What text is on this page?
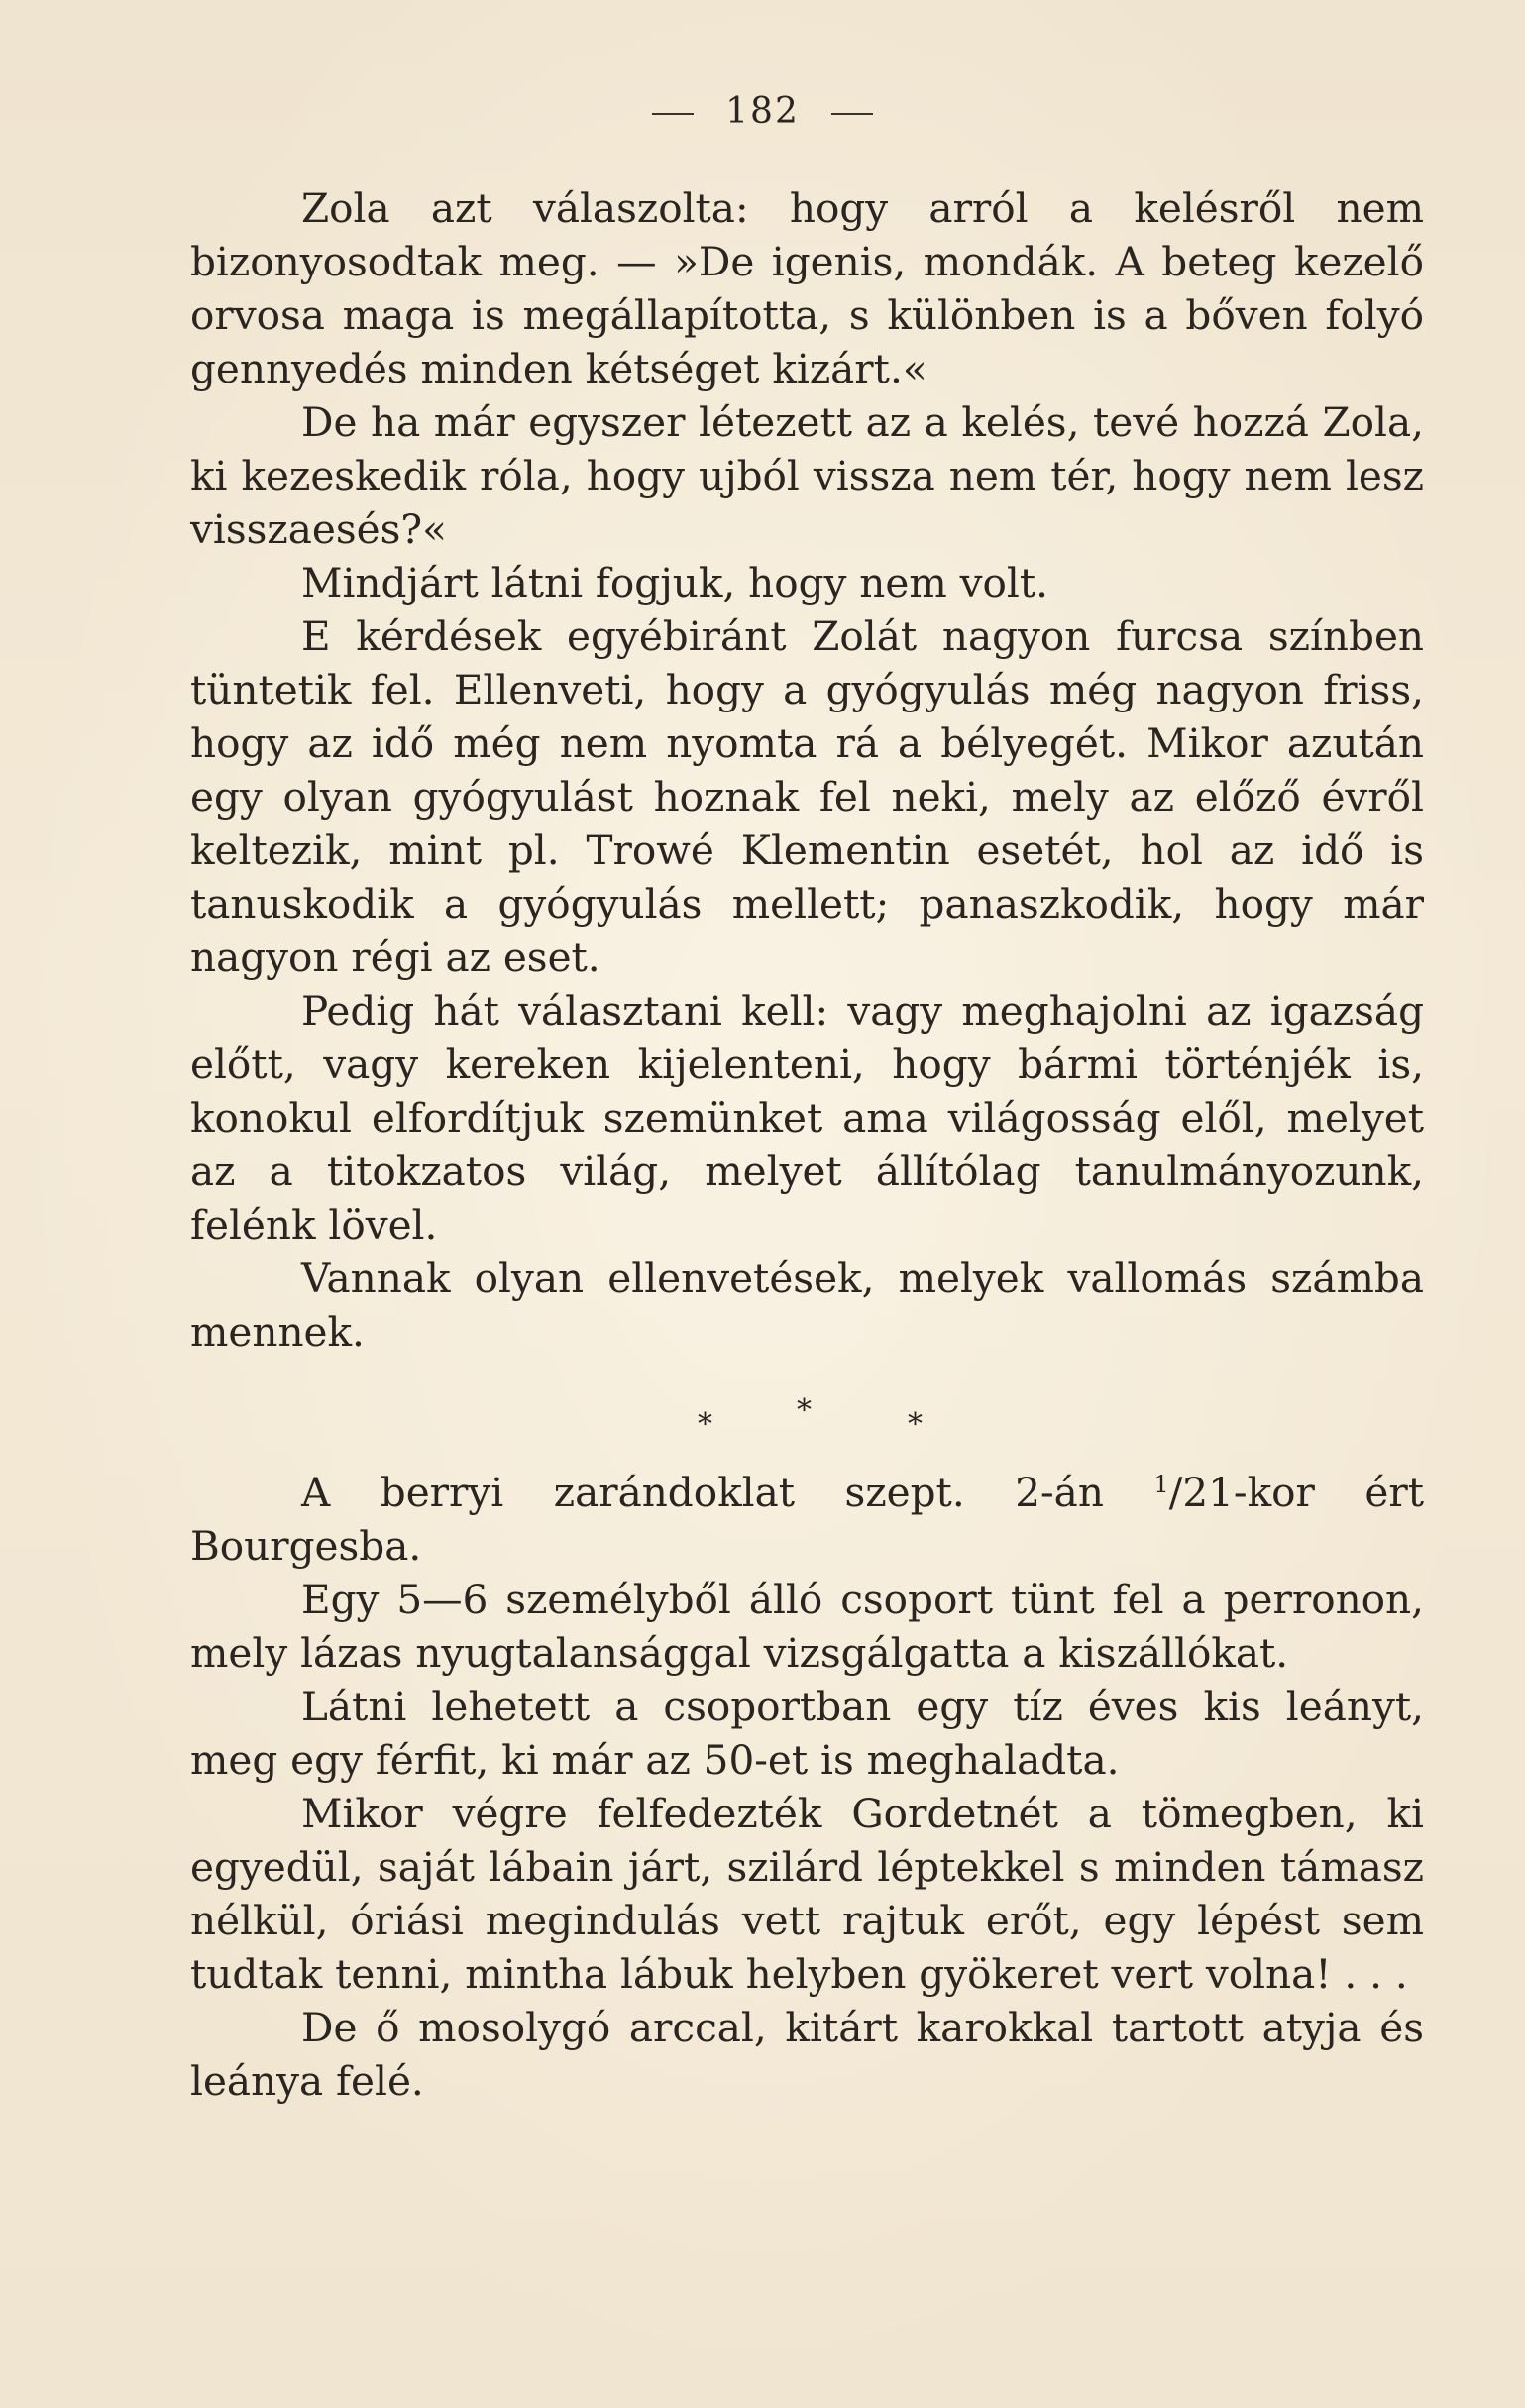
182

Zola azt válaszolta: hogy arról a kelésről nem bizonyosodtak meg. — »De igenis, mondák. A beteg kezelő orvosa maga is megállapította, s különben is a bőven folyó gennyedés minden kétséget kizárt.«

De ha már egyszer létezett az a kelés, tevé hozzá Zola, ki kezeskedik róla, hogy ujból vissza nem tér, hogy nem lesz visszaesés?«

Mindjárt látni fogjuk, hogy nem volt.

E kérdések egyébiránt Zolát nagyon furcsa színben tüntetik fel. Ellenveti, hogy a gyógyulás még nagyon friss, hogy az idő még nem nyomta rá a bélyegét. Mikor azután egy olyan gyógyulást hoznak fel neki, mely az előző évről keltezik, mint pl. Trowé Klementin esetét, hol az idő is tanuskodik a gyógyulás mellett; panaszkodik, hogy már nagyon régi az eset.

Pedig hát választani kell: vagy meghajolni az igazság előtt, vagy kereken kijelenteni, hogy bármi történjék is, konokul elfordítjuk szemünket ama világosság elől, melyet az a titokzatos világ, melyet állítólag tanulmányozunk, felénk lövel.

Vannak olyan ellenvetések, melyek vallomás számba mennek.

*	*	*

A berryi zarándoklat szept. 2-án $^1$/21-kor ért Bourgesba.

Egy 5—6 személyből álló csoport tünt fel a perronon, mely lázas nyugtalansággal vizsgálgatta a kiszállókat.

Látni lehetett a csoportban egy tíz éves kis leányt, meg egy férfit, ki már az 50-et is meghaladta.

Mikor végre felfedezték Gordetnét a tömegben, ki egyedül, saját lábain járt, szilárd léptekkel s minden támasz nélkül, óriási megindulás vett rajtuk erőt, egy lépést sem tudtak tenni, mintha lábuk helyben gyökeret vert volna! . . .

De ő mosolygó arccal, kitárt karokkal tartott atyja és leánya felé.
